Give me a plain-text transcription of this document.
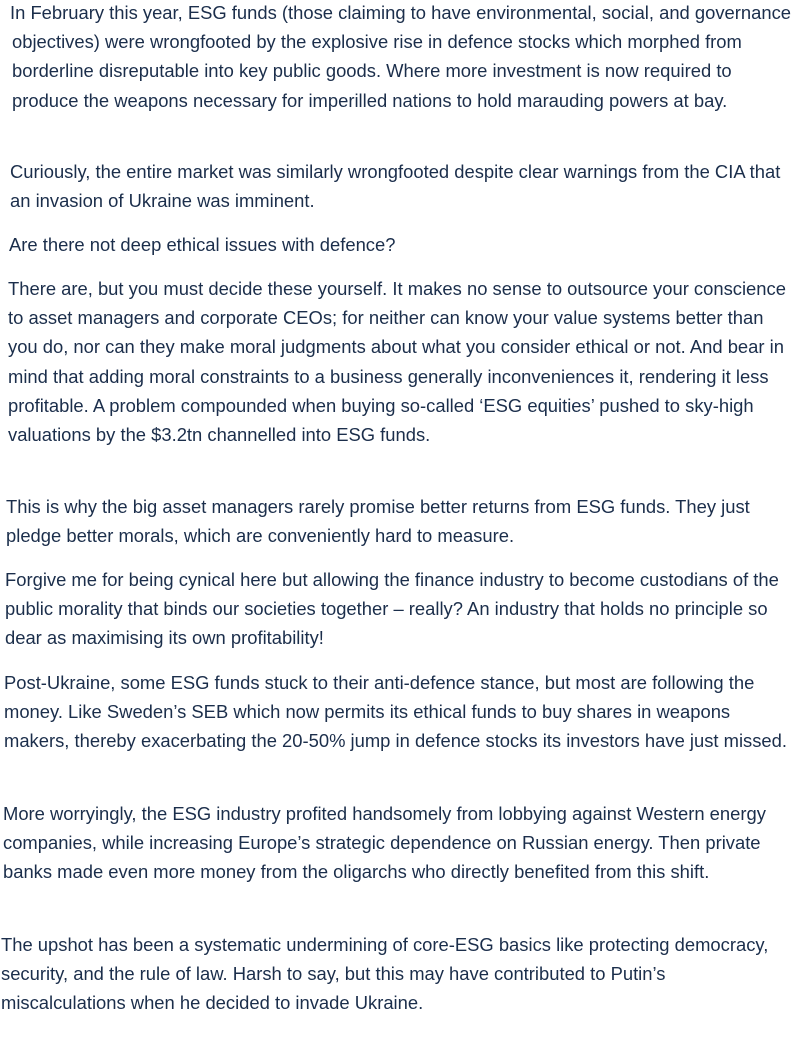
In February this year, ESG funds (those claiming to have environmental, social, and governance objectives) were wrongfooted by the explosive rise in defence stocks which morphed from borderline disreputable into key public goods. Where more investment is now required to produce the weapons necessary for imperilled nations to hold marauding powers at bay.

Curiously, the entire market was similarly wrongfooted despite clear warnings from the CIA that an invasion of Ukraine was imminent.

Are there not deep ethical issues with defence?

There are, but you must decide these yourself. It makes no sense to outsource your conscience to asset managers and corporate CEOs; for neither can know your value systems better than you do, nor can they make moral judgments about what you consider ethical or not. And bear in mind that adding moral constraints to a business generally inconveniences it, rendering it less profitable. A problem compounded when buying so-called ‘ESG equities’ pushed to sky-high valuations by the $3.2tn channelled into ESG funds.

This is why the big asset managers rarely promise better returns from ESG funds. They just pledge better morals, which are conveniently hard to measure.

Forgive me for being cynical here but allowing the finance industry to become custodians of the public morality that binds our societies together – really? An industry that holds no principle so dear as maximising its own profitability!

Post-Ukraine, some ESG funds stuck to their anti-defence stance, but most are following the money. Like Sweden’s SEB which now permits its ethical funds to buy shares in weapons makers, thereby exacerbating the 20-50% jump in defence stocks its investors have just missed.

More worryingly, the ESG industry profited handsomely from lobbying against Western energy companies, while increasing Europe’s strategic dependence on Russian energy. Then private banks made even more money from the oligarchs who directly benefited from this shift.

The upshot has been a systematic undermining of core-ESG basics like protecting democracy, security, and the rule of law. Harsh to say, but this may have contributed to Putin’s miscalculations when he decided to invade Ukraine.
